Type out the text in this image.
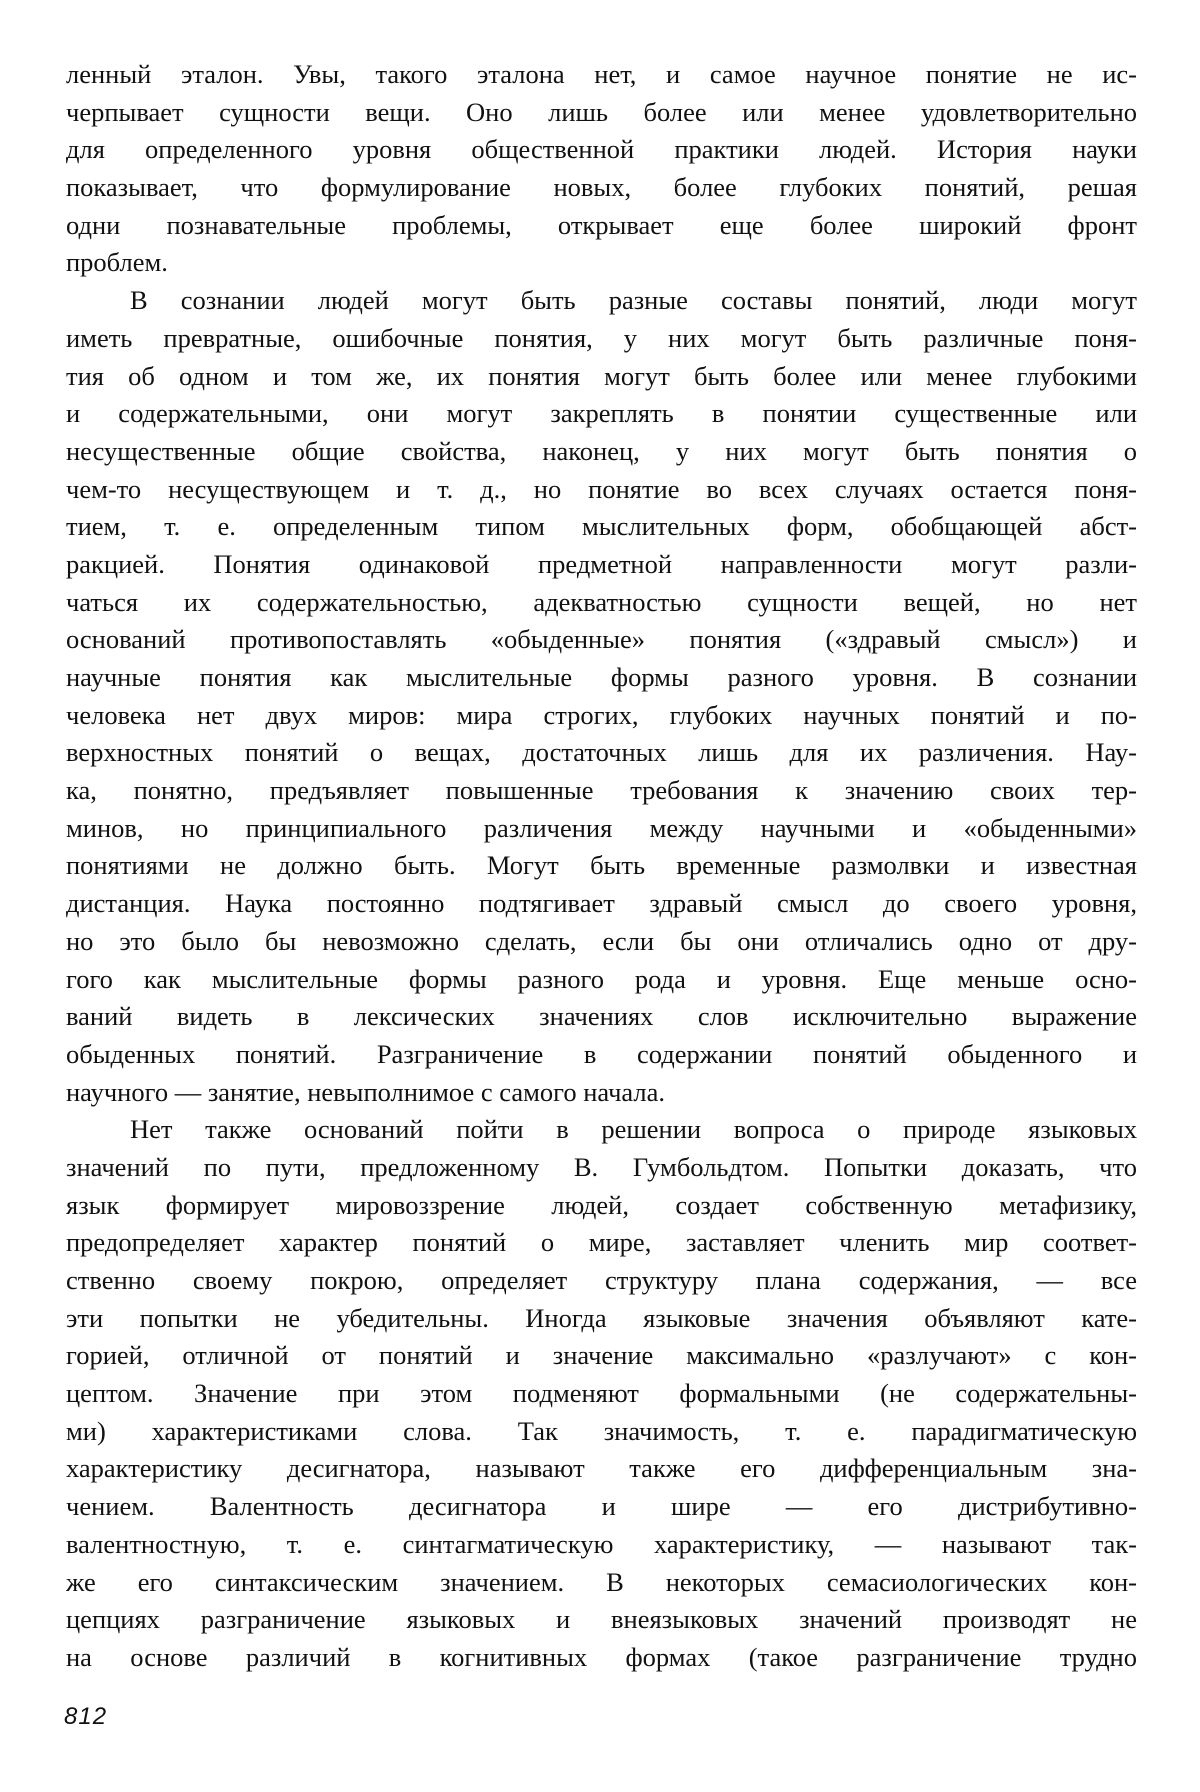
ленный эталон. Увы, такого эталона нет, и самое научное понятие не ис-
черпывает сущности вещи. Оно лишь более или менее удовлетворительно
для определенного уровня общественной практики людей. История науки
показывает, что формулирование новых, более глубоких понятий, решая
одни познавательные проблемы, открывает еще более широкий фронт
проблем.
В сознании людей могут быть разные составы понятий, люди могут
иметь превратные, ошибочные понятия, у них могут быть различные поня-
тия об одном и том же, их понятия могут быть более или менее глубокими
и содержательными, они могут закреплять в понятии существенные или
несущественные общие свойства, наконец, у них могут быть понятия о
чем-то несуществующем и т. д., но понятие во всех случаях остается поня-
тием, т. е. определенным типом мыслительных форм, обобщающей абст-
ракцией. Понятия одинаковой предметной направленности могут разли-
чаться их содержательностью, адекватностью сущности вещей, но нет
оснований противопоставлять «обыденные» понятия («здравый смысл») и
научные понятия как мыслительные формы разного уровня. В сознании
человека нет двух миров: мира строгих, глубоких научных понятий и по-
верхностных понятий о вещах, достаточных лишь для их различения. Нау-
ка, понятно, предъявляет повышенные требования к значению своих тер-
минов, но принципиального различения между научными и «обыденными»
понятиями не должно быть. Могут быть временные размолвки и известная
дистанция. Наука постоянно подтягивает здравый смысл до своего уровня,
но это было бы невозможно сделать, если бы они отличались одно от дру-
гого как мыслительные формы разного рода и уровня. Еще меньше осно-
ваний видеть в лексических значениях слов исключительно выражение
обыденных понятий. Разграничение в содержании понятий обыденного и
научного — занятие, невыполнимое с самого начала.
Нет также оснований пойти в решении вопроса о природе языковых
значений по пути, предложенному В. Гумбольдтом. Попытки доказать, что
язык формирует мировоззрение людей, создает собственную метафизику,
предопределяет характер понятий о мире, заставляет членить мир соответ-
ственно своему покрою, определяет структуру плана содержания, — все
эти попытки не убедительны. Иногда языковые значения объявляют кате-
горией, отличной от понятий и значение максимально «разлучают» с кон-
цептом. Значение при этом подменяют формальными (не содержательны-
ми) характеристиками слова. Так значимость, т. е. парадигматическую
характеристику десигнатора, называют также его дифференциальным зна-
чением. Валентность десигнатора и шире — его дистрибутивно-
валентностную, т. е. синтагматическую характеристику, — называют так-
же его синтаксическим значением. В некоторых семасиологических кон-
цепциях разграничение языковых и внеязыковых значений производят не
на основе различий в когнитивных формах (такое разграничение трудно
812
